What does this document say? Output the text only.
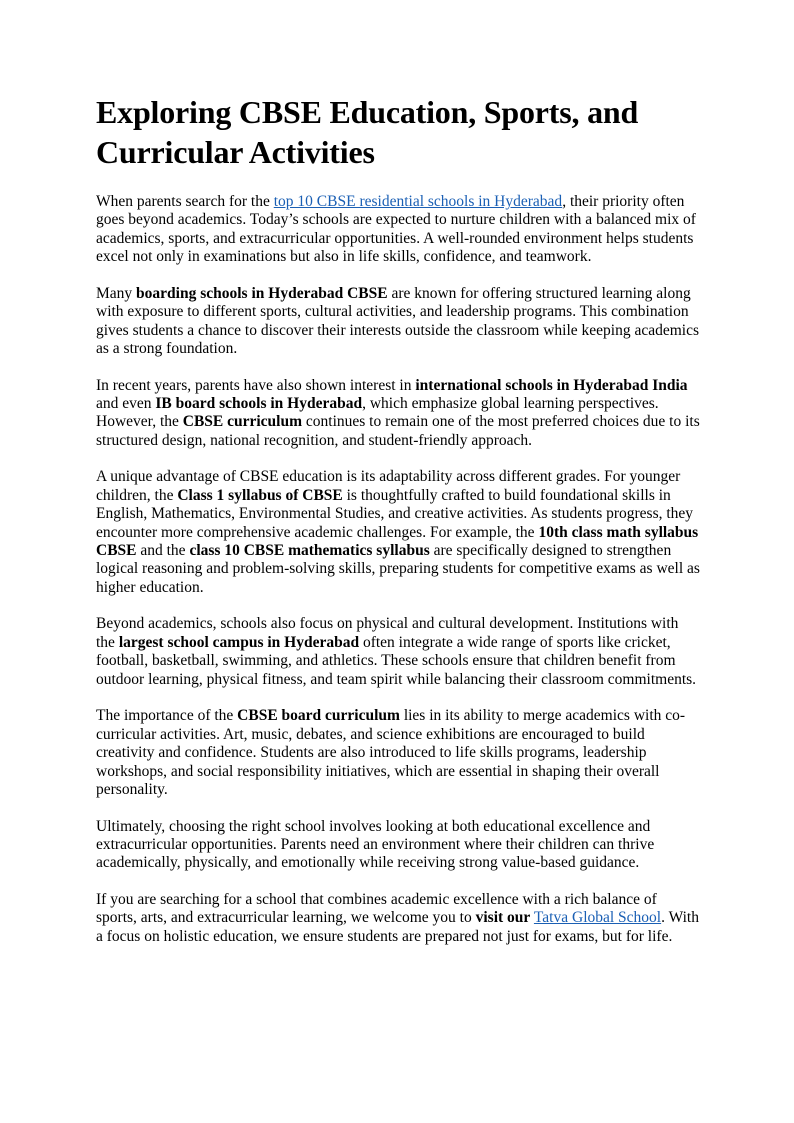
Exploring CBSE Education, Sports, and Curricular Activities

When parents search for the top 10 CBSE residential schools in Hyderabad, their priority often goes beyond academics. Today’s schools are expected to nurture children with a balanced mix of academics, sports, and extracurricular opportunities. A well-rounded environment helps students excel not only in examinations but also in life skills, confidence, and teamwork.

Many boarding schools in Hyderabad CBSE are known for offering structured learning along with exposure to different sports, cultural activities, and leadership programs. This combination gives students a chance to discover their interests outside the classroom while keeping academics as a strong foundation.

In recent years, parents have also shown interest in international schools in Hyderabad India and even IB board schools in Hyderabad, which emphasize global learning perspectives. However, the CBSE curriculum continues to remain one of the most preferred choices due to its structured design, national recognition, and student-friendly approach.

A unique advantage of CBSE education is its adaptability across different grades. For younger children, the Class 1 syllabus of CBSE is thoughtfully crafted to build foundational skills in English, Mathematics, Environmental Studies, and creative activities. As students progress, they encounter more comprehensive academic challenges. For example, the 10th class math syllabus CBSE and the class 10 CBSE mathematics syllabus are specifically designed to strengthen logical reasoning and problem-solving skills, preparing students for competitive exams as well as higher education.

Beyond academics, schools also focus on physical and cultural development. Institutions with the largest school campus in Hyderabad often integrate a wide range of sports like cricket, football, basketball, swimming, and athletics. These schools ensure that children benefit from outdoor learning, physical fitness, and team spirit while balancing their classroom commitments.

The importance of the CBSE board curriculum lies in its ability to merge academics with co-curricular activities. Art, music, debates, and science exhibitions are encouraged to build creativity and confidence. Students are also introduced to life skills programs, leadership workshops, and social responsibility initiatives, which are essential in shaping their overall personality.

Ultimately, choosing the right school involves looking at both educational excellence and extracurricular opportunities. Parents need an environment where their children can thrive academically, physically, and emotionally while receiving strong value-based guidance.

If you are searching for a school that combines academic excellence with a rich balance of sports, arts, and extracurricular learning, we welcome you to visit our Tatva Global School. With a focus on holistic education, we ensure students are prepared not just for exams, but for life.
